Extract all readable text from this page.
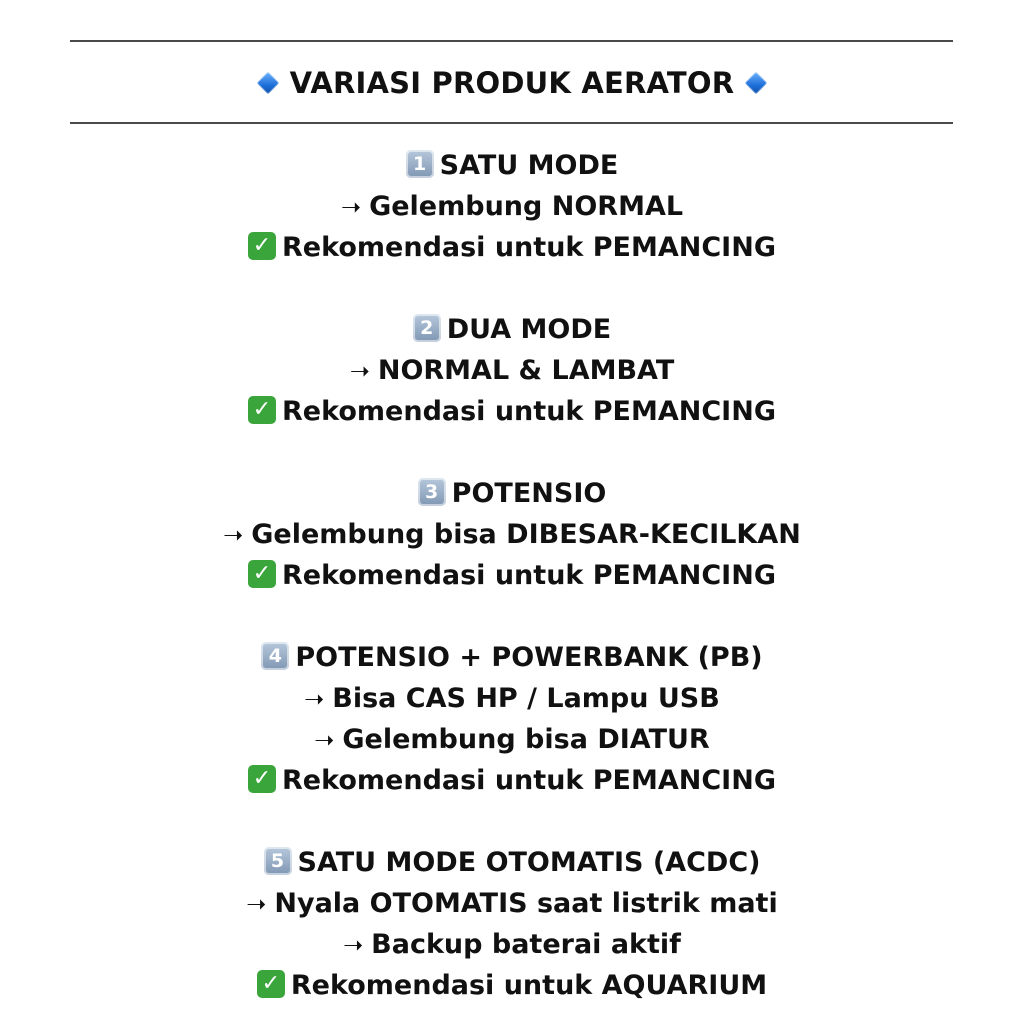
VARIASI PRODUK AERATOR
1 SATU MODE
➝ Gelembung NORMAL
✓ Rekomendasi untuk PEMANCING
2 DUA MODE
➝ NORMAL & LAMBAT
✓ Rekomendasi untuk PEMANCING
3 POTENSIO
➝ Gelembung bisa DIBESAR-KECILKAN
✓ Rekomendasi untuk PEMANCING
4 POTENSIO + POWERBANK (PB)
➝ Bisa CAS HP / Lampu USB
➝ Gelembung bisa DIATUR
✓ Rekomendasi untuk PEMANCING
5 SATU MODE OTOMATIS (ACDC)
➝ Nyala OTOMATIS saat listrik mati
➝ Backup baterai aktif
✓ Rekomendasi untuk AQUARIUM
